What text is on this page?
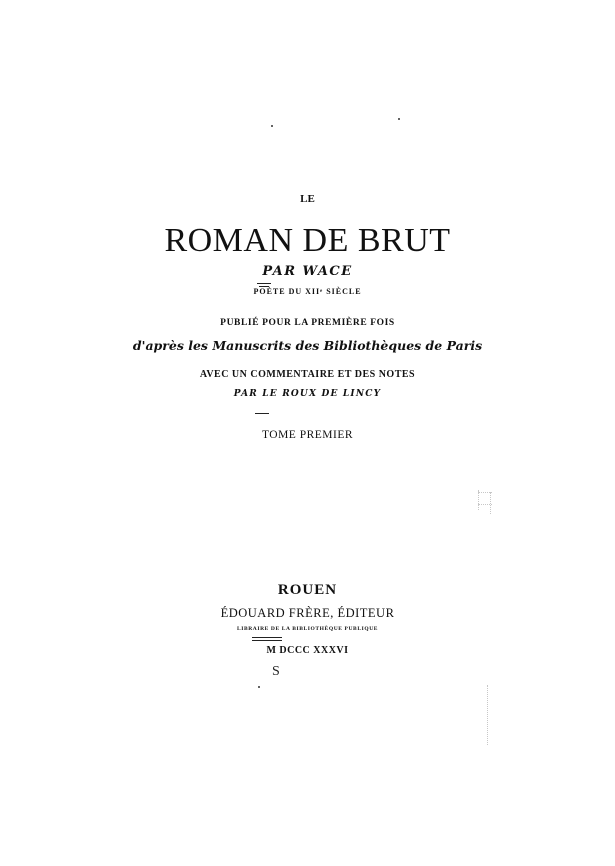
LE

ROMAN DE BRUT

PAR WACE

POÈTE DU XIIᵉ SIÈCLE

PUBLIÉ POUR LA PREMIÈRE FOIS

d'après les Manuscrits des Bibliothèques de Paris

AVEC UN COMMENTAIRE ET DES NOTES

PAR LE ROUX DE LINCY

TOME PREMIER

ROUEN

ÉDOUARD FRÈRE, ÉDITEUR

LIBRAIRE DE LA BIBLIOTHÈQUE PUBLIQUE

M DCCC XXXVI

S
